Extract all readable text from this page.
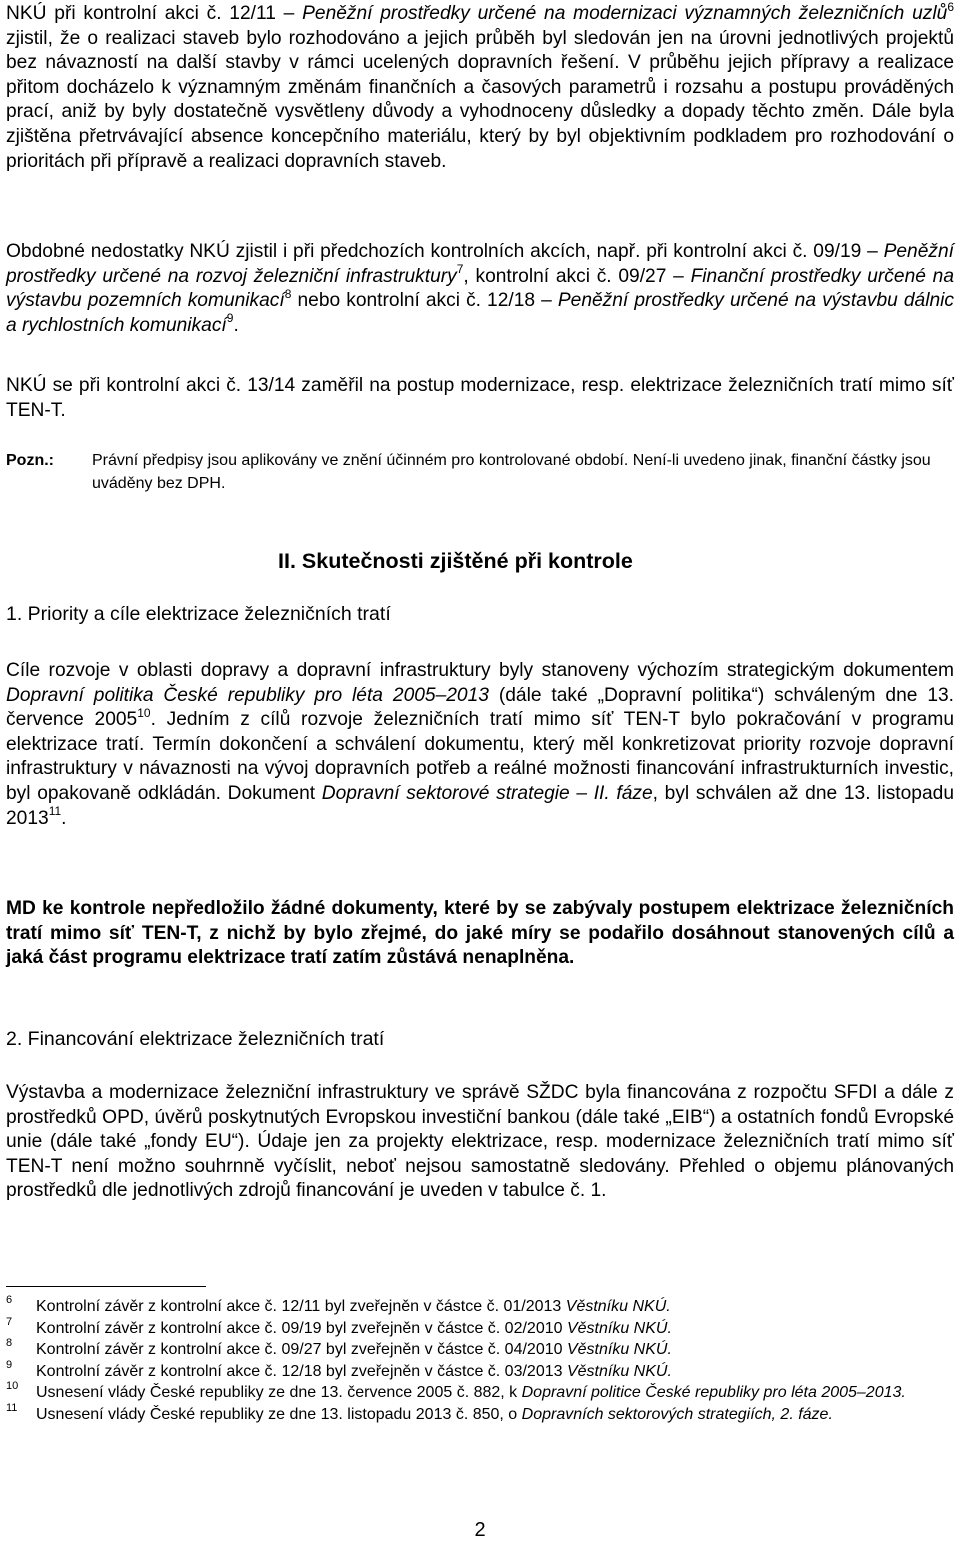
NKÚ při kontrolní akci č. 12/11 – Peněžní prostředky určené na modernizaci významných železničních uzlů$^6$ zjistil, že o realizaci staveb bylo rozhodováno a jejich průběh byl sledován jen na úrovni jednotlivých projektů bez návazností na další stavby v rámci ucelených dopravních řešení. V průběhu jejich přípravy a realizace přitom docházelo k významným změnám finančních a časových parametrů i rozsahu a postupu prováděných prací, aniž by byly dostatečně vysvětleny důvody a vyhodnoceny důsledky a dopady těchto změn. Dále byla zjištěna přetrvávající absence koncepčního materiálu, který by byl objektivním podkladem pro rozhodování o prioritách při přípravě a realizaci dopravních staveb.

Obdobné nedostatky NKÚ zjistil i při předchozích kontrolních akcích, např. při kontrolní akci č. 09/19 – Peněžní prostředky určené na rozvoj železniční infrastruktury$^7$, kontrolní akci č. 09/27 – Finanční prostředky určené na výstavbu pozemních komunikací$^8$ nebo kontrolní akci č. 12/18 – Peněžní prostředky určené na výstavbu dálnic a rychlostních komunikací$^9$.

NKÚ se při kontrolní akci č. 13/14 zaměřil na postup modernizace, resp. elektrizace železničních tratí mimo síť TEN-T.

Pozn.:	Právní předpisy jsou aplikovány ve znění účinném pro kontrolované období. Není-li uvedeno jinak, finanční částky jsou uváděny bez DPH.

II. Skutečnosti zjištěné při kontrole

1. Priority a cíle elektrizace železničních tratí

Cíle rozvoje v oblasti dopravy a dopravní infrastruktury byly stanoveny výchozím strategickým dokumentem Dopravní politika České republiky pro léta 2005–2013 (dále také „Dopravní politika“) schváleným dne 13. července 2005$^{10}$. Jedním z cílů rozvoje železničních tratí mimo síť TEN-T bylo pokračování v programu elektrizace tratí. Termín dokončení a schválení dokumentu, který měl konkretizovat priority rozvoje dopravní infrastruktury v návaznosti na vývoj dopravních potřeb a reálné možnosti financování infrastrukturních investic, byl opakovaně odkládán. Dokument Dopravní sektorové strategie – II. fáze, byl schválen až dne 13. listopadu 2013$^{11}$.

MD ke kontrole nepředložilo žádné dokumenty, které by se zabývaly postupem elektrizace železničních tratí mimo síť TEN-T, z nichž by bylo zřejmé, do jaké míry se podařilo dosáhnout stanovených cílů a jaká část programu elektrizace tratí zatím zůstává nenaplněna.

2. Financování elektrizace železničních tratí

Výstavba a modernizace železniční infrastruktury ve správě SŽDC byla financována z rozpočtu SFDI a dále z prostředků OPD, úvěrů poskytnutých Evropskou investiční bankou (dále také „EIB“) a ostatních fondů Evropské unie (dále také „fondy EU“). Údaje jen za projekty elektrizace, resp. modernizace železničních tratí mimo síť TEN-T není možno souhrnně vyčíslit, neboť nejsou samostatně sledovány. Přehled o objemu plánovaných prostředků dle jednotlivých zdrojů financování je uveden v tabulce č. 1.

6	Kontrolní závěr z kontrolní akce č. 12/11 byl zveřejněn v částce č. 01/2013 Věstníku NKÚ.
7	Kontrolní závěr z kontrolní akce č. 09/19 byl zveřejněn v částce č. 02/2010 Věstníku NKÚ.
8	Kontrolní závěr z kontrolní akce č. 09/27 byl zveřejněn v částce č. 04/2010 Věstníku NKÚ.
9	Kontrolní závěr z kontrolní akce č. 12/18 byl zveřejněn v částce č. 03/2013 Věstníku NKÚ.
10	Usnesení vlády České republiky ze dne 13. července 2005 č. 882, k Dopravní politice České republiky pro léta 2005–2013.
11	Usnesení vlády České republiky ze dne 13. listopadu 2013 č. 850, o Dopravních sektorových strategiích, 2. fáze.
2
